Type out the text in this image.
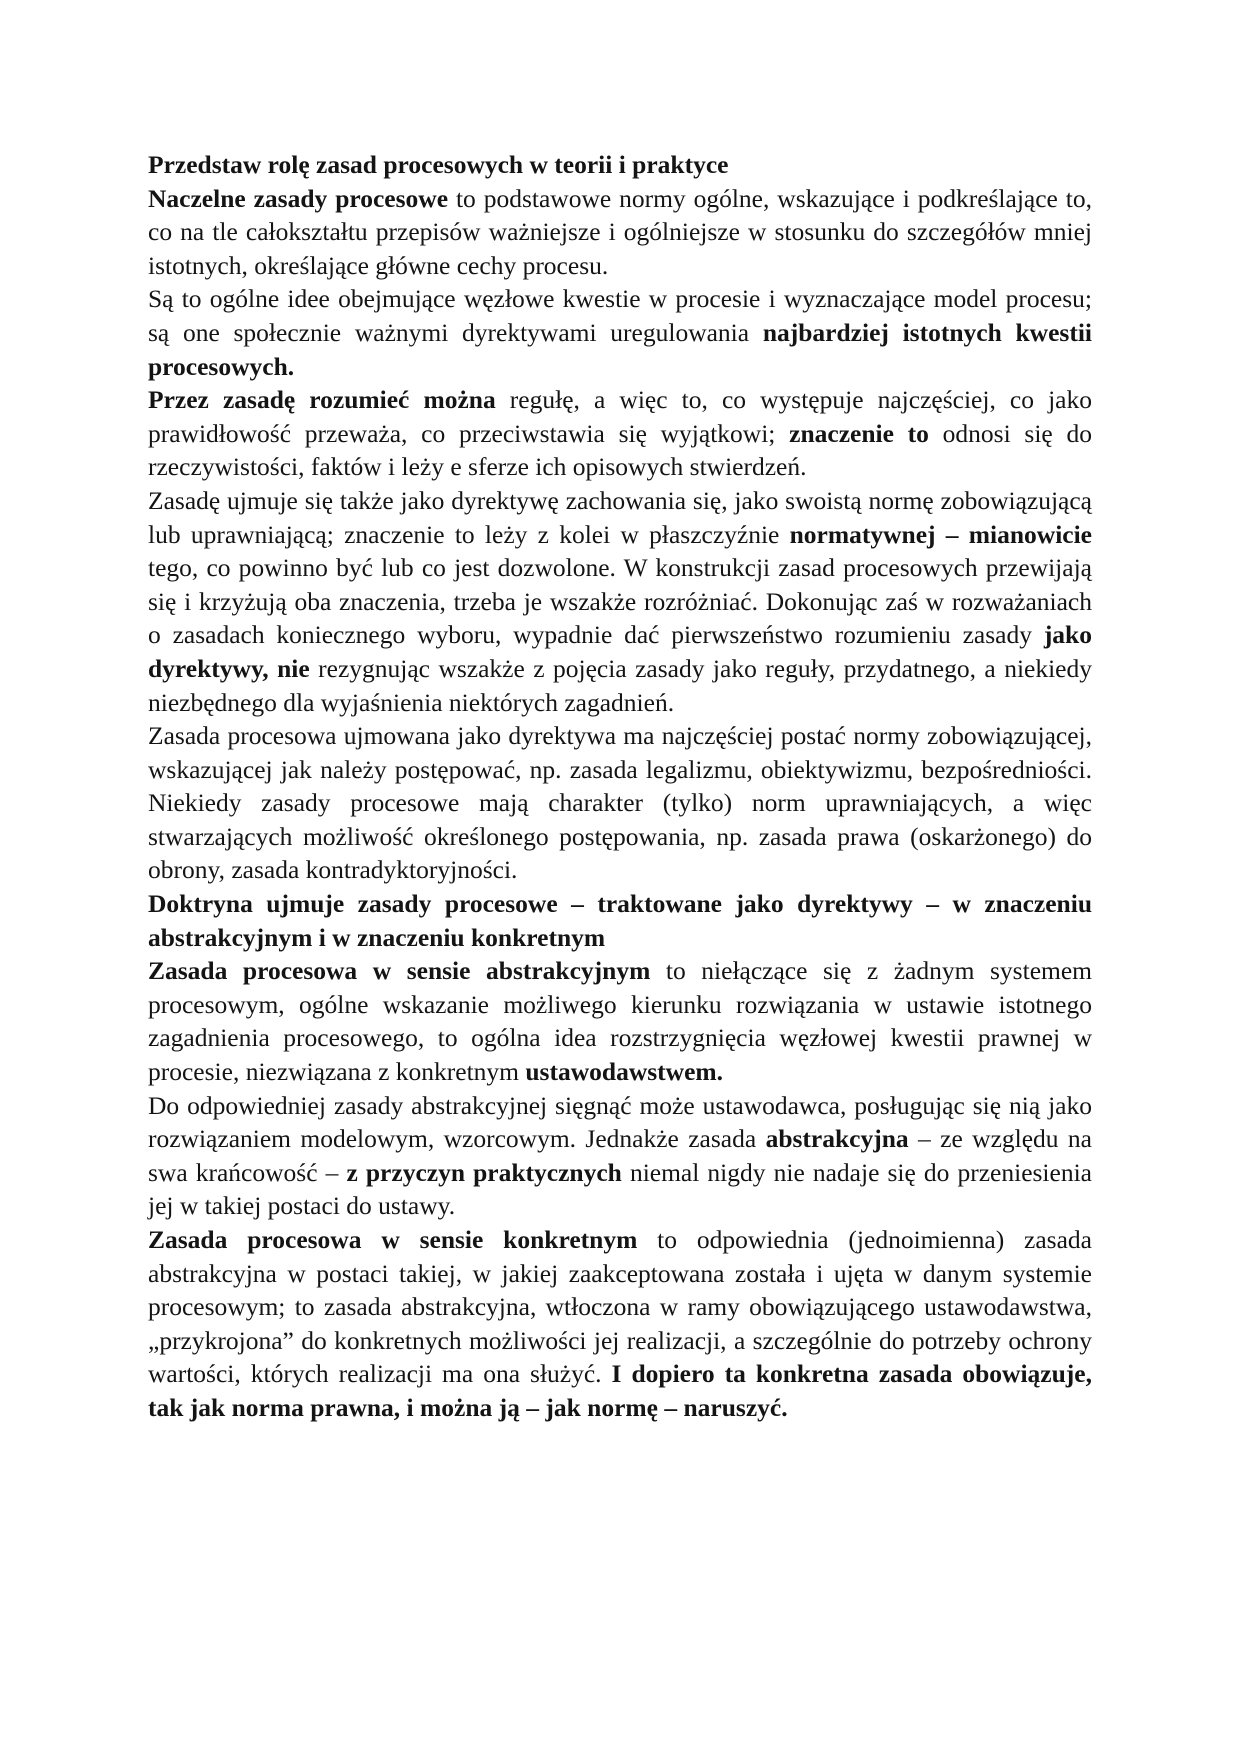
Przedstaw rolę zasad procesowych w teorii i praktyce

Naczelne zasady procesowe to podstawowe normy ogólne, wskazujące i podkreślające to, co na tle całokształtu przepisów ważniejsze i ogólniejsze w stosunku do szczegółów mniej istotnych, określające główne cechy procesu.

Są to ogólne idee obejmujące węzłowe kwestie w procesie i wyznaczające model procesu; są one społecznie ważnymi dyrektywami uregulowania najbardziej istotnych kwestii procesowych.

Przez zasadę rozumieć można regułę, a więc to, co występuje najczęściej, co jako prawidłowość przeważa, co przeciwstawia się wyjątkowi; znaczenie to odnosi się do rzeczywistości, faktów i leży e sferze ich opisowych stwierdzeń.

Zasadę ujmuje się także jako dyrektywę zachowania się, jako swoistą normę zobowiązującą lub uprawniającą; znaczenie to leży z kolei w płaszczyźnie normatywnej – mianowicie tego, co powinno być lub co jest dozwolone. W konstrukcji zasad procesowych przewijają się i krzyżują oba znaczenia, trzeba je wszakże rozróżniać. Dokonując zaś w rozważaniach o zasadach koniecznego wyboru, wypadnie dać pierwszeństwo rozumieniu zasady jako dyrektywy, nie rezygnując wszakże z pojęcia zasady jako reguły, przydatnego, a niekiedy niezbędnego dla wyjaśnienia niektórych zagadnień.

Zasada procesowa ujmowana jako dyrektywa ma najczęściej postać normy zobowiązującej, wskazującej jak należy postępować, np. zasada legalizmu, obiektywizmu, bezpośredniości. Niekiedy zasady procesowe mają charakter (tylko) norm uprawniających, a więc stwarzających możliwość określonego postępowania, np. zasada prawa (oskarżonego) do obrony, zasada kontradyktoryjności.

Doktryna ujmuje zasady procesowe – traktowane jako dyrektywy – w znaczeniu abstrakcyjnym i w znaczeniu konkretnym

Zasada procesowa w sensie abstrakcyjnym to niełączące się z żadnym systemem procesowym, ogólne wskazanie możliwego kierunku rozwiązania w ustawie istotnego zagadnienia procesowego, to ogólna idea rozstrzygnięcia węzłowej kwestii prawnej w procesie, niezwiązana z konkretnym ustawodawstwem.

Do odpowiedniej zasady abstrakcyjnej sięgnąć może ustawodawca, posługując się nią jako rozwiązaniem modelowym, wzorcowym. Jednakże zasada abstrakcyjna – ze względu na swa krańcowość – z przyczyn praktycznych niemal nigdy nie nadaje się do przeniesienia jej w takiej postaci do ustawy.

Zasada procesowa w sensie konkretnym to odpowiednia (jednoimienna) zasada abstrakcyjna w postaci takiej, w jakiej zaakceptowana została i ujęta w danym systemie procesowym; to zasada abstrakcyjna, wtłoczona w ramy obowiązującego ustawodawstwa, „przykrojona” do konkretnych możliwości jej realizacji, a szczególnie do potrzeby ochrony wartości, których realizacji ma ona służyć. I dopiero ta konkretna zasada obowiązuje, tak jak norma prawna, i można ją – jak normę – naruszyć.
